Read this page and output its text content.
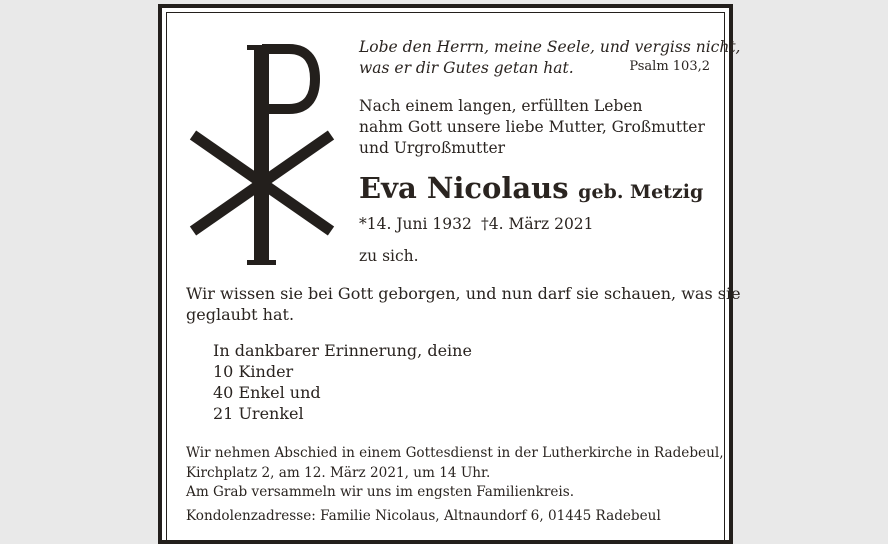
Lobe den Herrn, meine Seele, und vergiss nicht,
was er dir Gutes getan hat.	Psalm 103,2
Nach einem langen, erfüllten Leben
nahm Gott unsere liebe Mutter, Großmutter
und Urgroßmutter
Eva Nicolaus geb. Metzig
*14. Juni 1932 †4. März 2021
zu sich.
Wir wissen sie bei Gott geborgen, und nun darf sie schauen, was sie
geglaubt hat.
In dankbarer Erinnerung, deine
10 Kinder
40 Enkel und
21 Urenkel
Wir nehmen Abschied in einem Gottesdienst in der Lutherkirche in Radebeul,
Kirchplatz 2, am 12. März 2021, um 14 Uhr.
Am Grab versammeln wir uns im engsten Familienkreis.
Kondolenzadresse: Familie Nicolaus, Altnaundorf 6, 01445 Radebeul
